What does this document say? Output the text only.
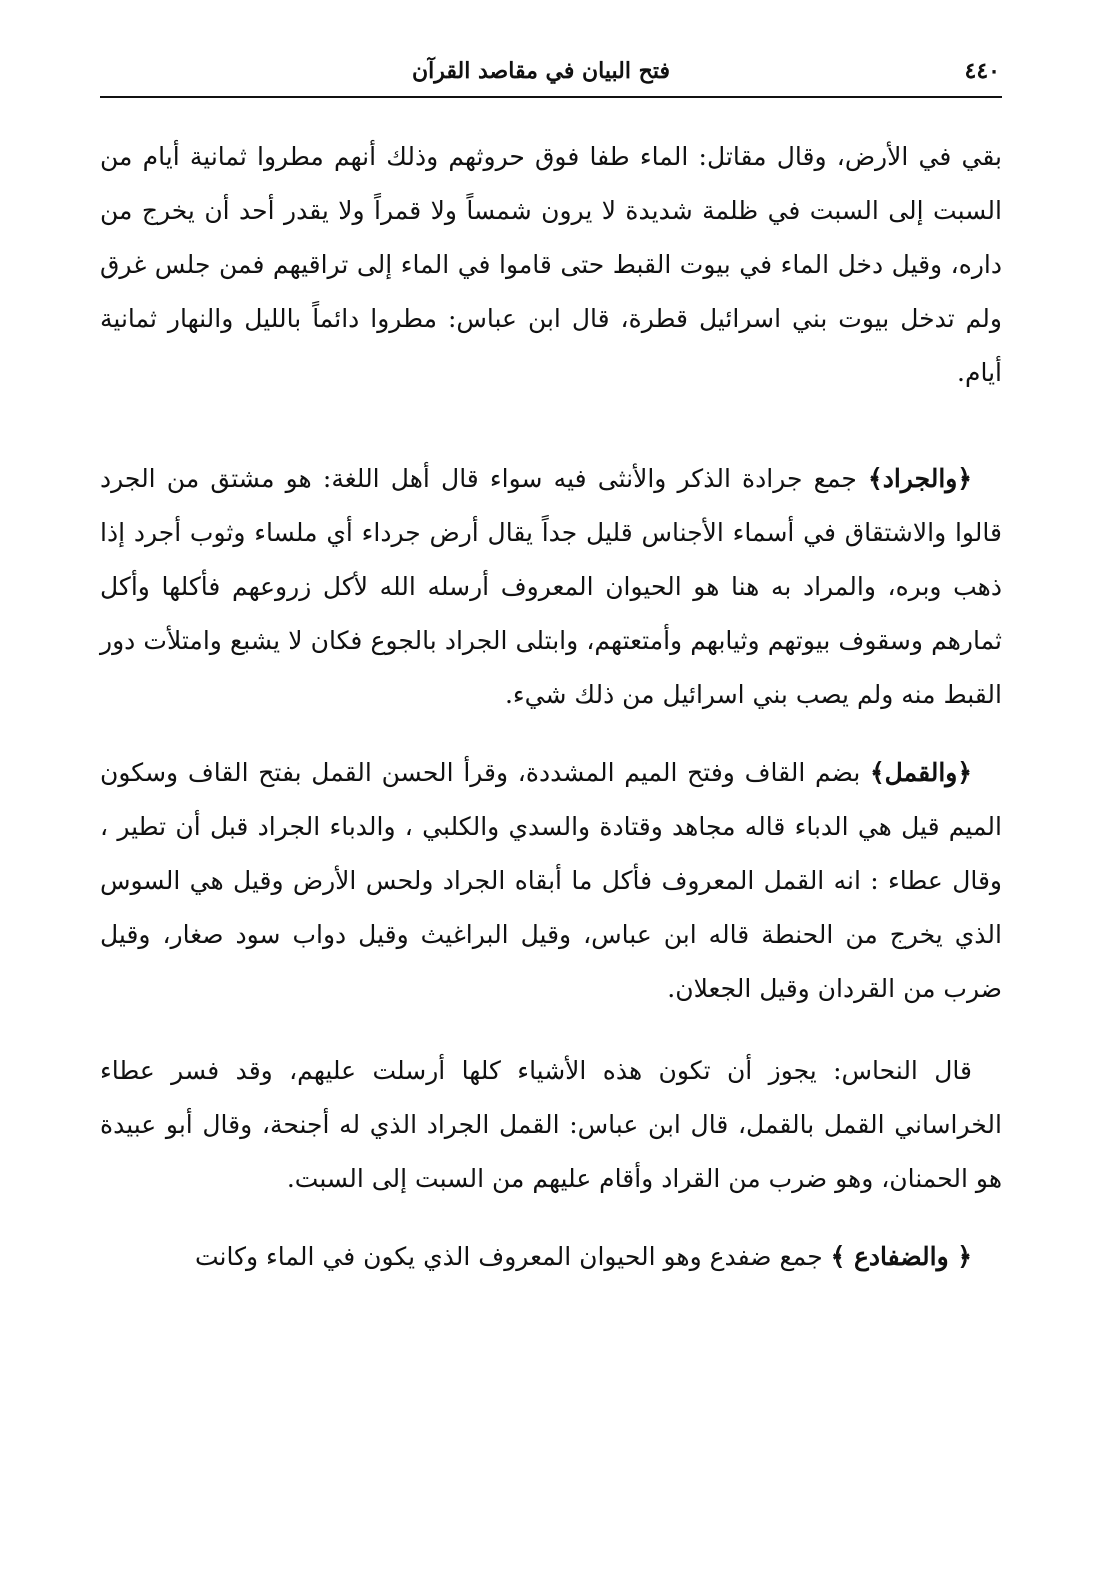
فتح البيان في مقاصد القرآن	٤٤٠

بقي في الأرض، وقال مقاتل: الماء طفا فوق حروثهم وذلك أنهم مطروا ثمانية أيام من السبت إلى السبت في ظلمة شديدة لا يرون شمساً ولا قمراً ولا يقدر أحد أن يخرج من داره، وقيل دخل الماء في بيوت القبط حتى قاموا في الماء إلى تراقيهم فمن جلس غرق ولم تدخل بيوت بني اسرائيل قطرة، قال ابن عباس: مطروا دائماً بالليل والنهار ثمانية أيام.

﴿والجراد﴾ جمع جرادة الذكر والأنثى فيه سواء قال أهل اللغة: هو مشتق من الجرد قالوا والاشتقاق في أسماء الأجناس قليل جداً يقال أرض جرداء أي ملساء وثوب أجرد إذا ذهب وبره، والمراد به هنا هو الحيوان المعروف أرسله الله لأكل زروعهم فأكلها وأكل ثمارهم وسقوف بيوتهم وثيابهم وأمتعتهم، وابتلى الجراد بالجوع فكان لا يشبع وامتلأت دور القبط منه ولم يصب بني اسرائيل من ذلك شيء.

﴿والقمل﴾ بضم القاف وفتح الميم المشددة، وقرأ الحسن القمل بفتح القاف وسكون الميم قيل هي الدباء قاله مجاهد وقتادة والسدي والكلبي ، والدباء الجراد قبل أن تطير ، وقال عطاء : انه القمل المعروف فأكل ما أبقاه الجراد ولحس الأرض وقيل هي السوس الذي يخرج من الحنطة قاله ابن عباس، وقيل البراغيث وقيل دواب سود صغار، وقيل ضرب من القردان وقيل الجعلان.

قال النحاس: يجوز أن تكون هذه الأشياء كلها أرسلت عليهم، وقد فسر عطاء الخراساني القمل بالقمل، قال ابن عباس: القمل الجراد الذي له أجنحة، وقال أبو عبيدة هو الحمنان، وهو ضرب من القراد وأقام عليهم من السبت إلى السبت.

﴿ والضفادع ﴾ جمع ضفدع وهو الحيوان المعروف الذي يكون في الماء وكانت
